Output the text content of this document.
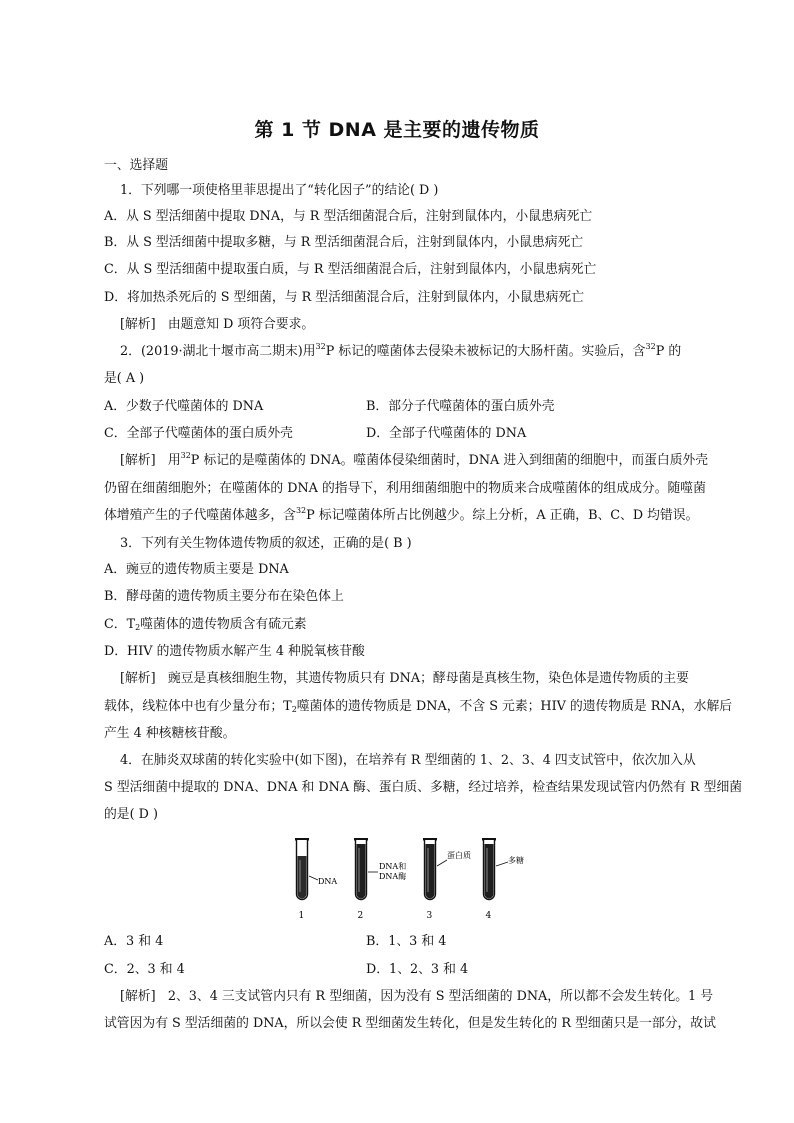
第 1 节 DNA 是主要的遗传物质
一、选择题
1．下列哪一项使格里菲思提出了“转化因子”的结论( D )
A．从 S 型活细菌中提取 DNA，与 R 型活细菌混合后，注射到鼠体内，小鼠患病死亡
B．从 S 型活细菌中提取多糖，与 R 型活细菌混合后，注射到鼠体内，小鼠患病死亡
C．从 S 型活细菌中提取蛋白质，与 R 型活细菌混合后，注射到鼠体内，小鼠患病死亡
D．将加热杀死后的 S 型细菌，与 R 型活细菌混合后，注射到鼠体内，小鼠患病死亡
[解析] 由题意知 D 项符合要求。
2．(2019·湖北十堰市高二期末)用$^{32}$P 标记的噬菌体去侵染未被标记的大肠杆菌。实验后，含$^{32}$P 的
是( A )
A．少数子代噬菌体的 DNA	B．部分子代噬菌体的蛋白质外壳
C．全部子代噬菌体的蛋白质外壳	D．全部子代噬菌体的 DNA
[解析] 用$^{32}$P 标记的是噬菌体的 DNA。噬菌体侵染细菌时，DNA 进入到细菌的细胞中，而蛋白质外壳
仍留在细菌细胞外；在噬菌体的 DNA 的指导下，利用细菌细胞中的物质来合成噬菌体的组成成分。随噬菌
体增殖产生的子代噬菌体越多，含$^{32}$P 标记噬菌体所占比例越少。综上分析，A 正确，B、C、D 均错误。
3．下列有关生物体遗传物质的叙述，正确的是( B )
A．豌豆的遗传物质主要是 DNA
B．酵母菌的遗传物质主要分布在染色体上
C．$T_2$噬菌体的遗传物质含有硫元素
D．HIV 的遗传物质水解产生 4 种脱氧核苷酸
[解析] 豌豆是真核细胞生物，其遗传物质只有 DNA；酵母菌是真核生物，染色体是遗传物质的主要
载体，线粒体中也有少量分布；$T_2$噬菌体的遗传物质是 DNA，不含 S 元素；HIV 的遗传物质是 RNA，水解后
产生 4 种核糖核苷酸。
4．在肺炎双球菌的转化实验中(如下图)，在培养有 R 型细菌的 1、2、3、4 四支试管中，依次加入从
S 型活细菌中提取的 DNA、DNA 和 DNA 酶、蛋白质、多糖，经过培养，检查结果发现试管内仍然有 R 型细菌
的是( D )
DNA
1
DNA和
DNA酶
2
蛋白质
3
多糖
4
A．3 和 4	B．1、3 和 4
C．2、3 和 4	D．1、2、3 和 4
[解析] 2、3、4 三支试管内只有 R 型细菌，因为没有 S 型活细菌的 DNA，所以都不会发生转化。1 号
试管因为有 S 型活细菌的 DNA，所以会使 R 型细菌发生转化，但是发生转化的 R 型细菌只是一部分，故试
